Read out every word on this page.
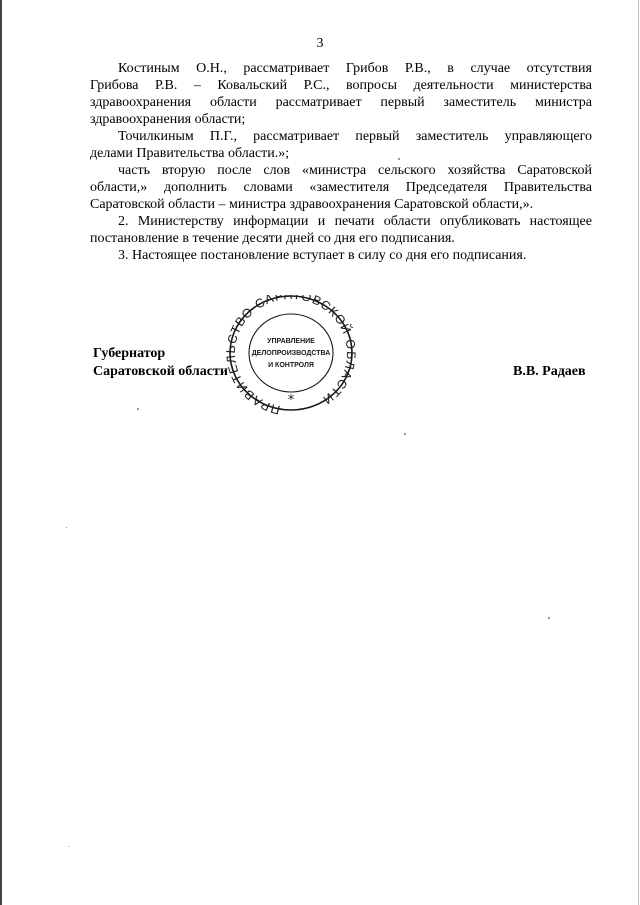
3
Костиным О.Н., рассматривает Грибов Р.В., в случае отсутствия
Грибова Р.В. – Ковальский Р.С., вопросы деятельности министерства
здравоохранения области рассматривает первый заместитель министра
здравоохранения области;
Точилкиным П.Г., рассматривает первый заместитель управляющего
делами Правительства области.»;
часть вторую после слов «министра сельского хозяйства Саратовской
области,» дополнить словами «заместителя Председателя Правительства
Саратовской области – министра здравоохранения Саратовской области,».
2. Министерству информации и печати области опубликовать настоящее
постановление в течение десяти дней со дня его подписания.
3. Настоящее постановление вступает в силу со дня его подписания.
Губернатор
Саратовской области
ПРАВИТЕ СТВО САРАТОВСКОЙ ЛАСТИ
УПРАВЛЕНИЕ
ДЕЛОПРОИЗВОДСТВА
И КОНТРОЛЯ
*
В.В. Радаев
